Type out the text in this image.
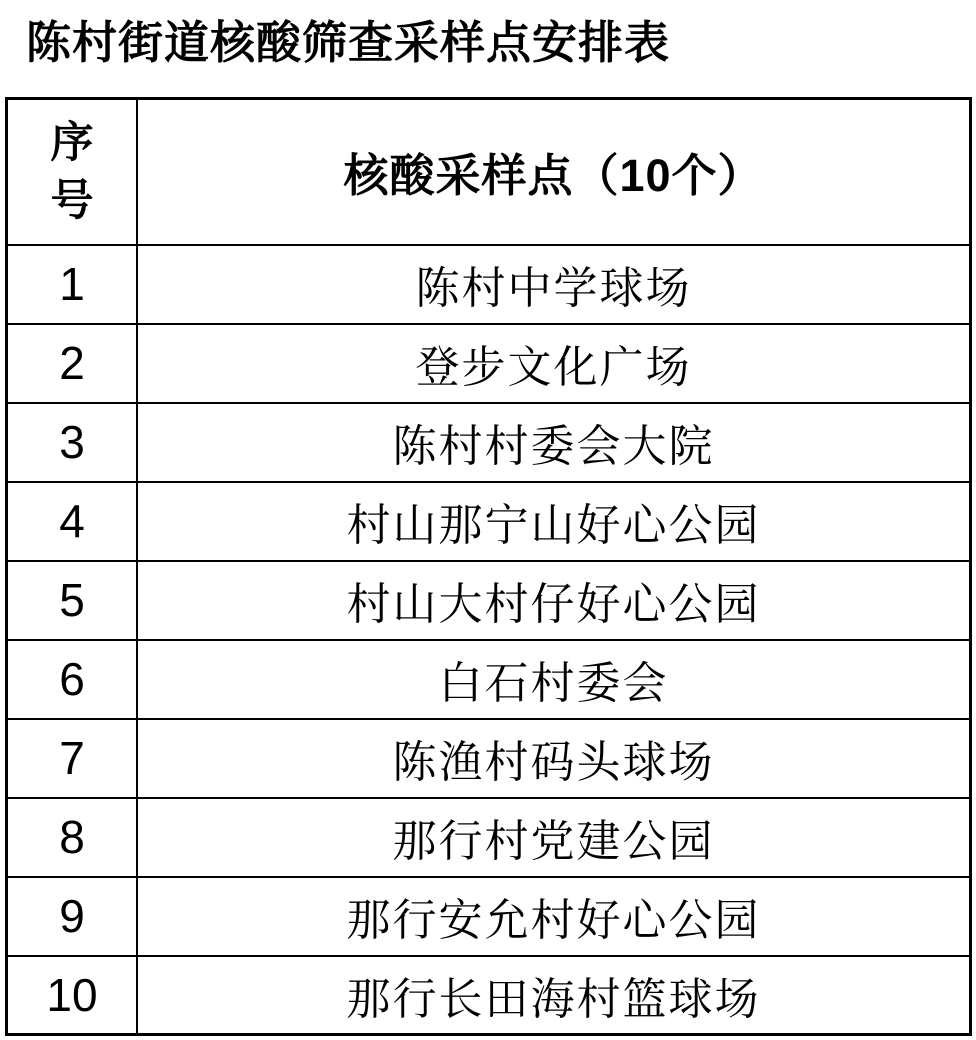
陈村街道核酸筛查采样点安排表
序
号	核酸采样点（10个）
1	陈村中学球场
2	登步文化广场
3	陈村村委会大院
4	村山那宁山好心公园
5	村山大村仔好心公园
6	白石村委会
7	陈渔村码头球场
8	那行村党建公园
9	那行安允村好心公园
10	那行长田海村篮球场
